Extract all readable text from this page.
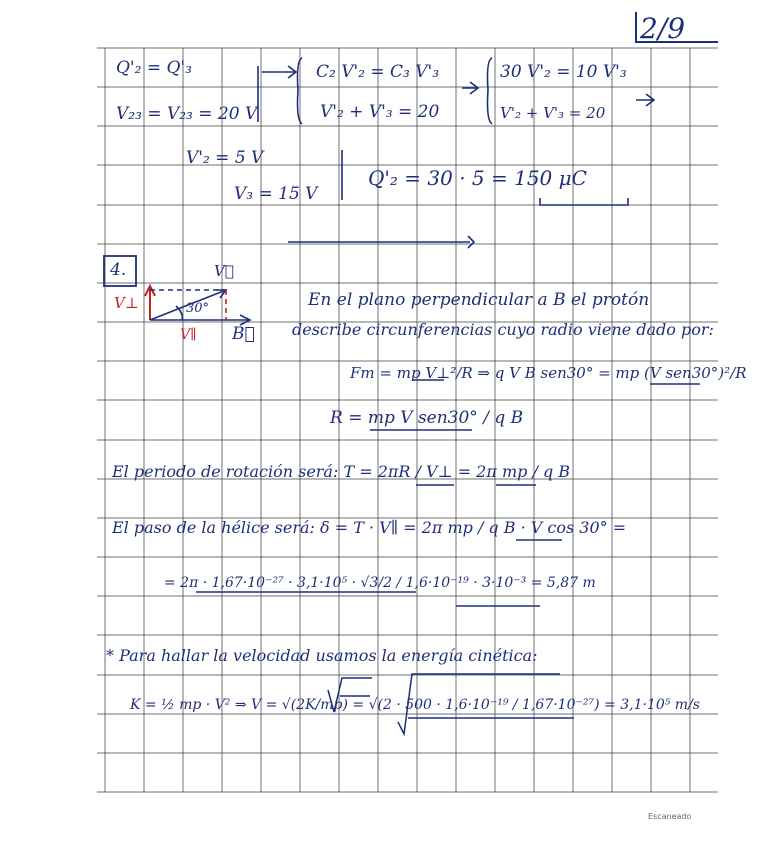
2/9
Q'₂ = Q'₃
V₂₃ = V₂₃ = 20 V
C₂ V'₂ = C₃ V'₃
V'₂ + V'₃ = 20
30 V'₂ = 10 V'₃
V'₂ + V'₃ = 20
V'₂ = 5 V
V₃ = 15 V
Q'₂ = 30 · 5 = 150 μC
4.	V⃗
V⊥
V∥
30°
B⃗
En el plano perpendicular a B el protón
describe circunferencias cuyo radio viene dado por:
Fm = mp V⊥²/R ⇒ q V B sen30° = mp (V sen30°)²/R
R = mp V sen30° / q B
El periodo de rotación será: T = 2πR / V⊥ = 2π mp / q B
El paso de la hélice será: δ = T · V∥ = 2π mp / q B · V cos 30° =
= 2π · 1,67·10⁻²⁷ · 3,1·10⁵ · √3/2 / 1,6·10⁻¹⁹ · 3·10⁻³ = 5,87 m
* Para hallar la velocidad usamos la energía cinética:
K = ½ mp · V² ⇒ V = √(2K/mp) = √(2 · 500 · 1,6·10⁻¹⁹ / 1,67·10⁻²⁷) = 3,1·10⁵ m/s
Escaneado
